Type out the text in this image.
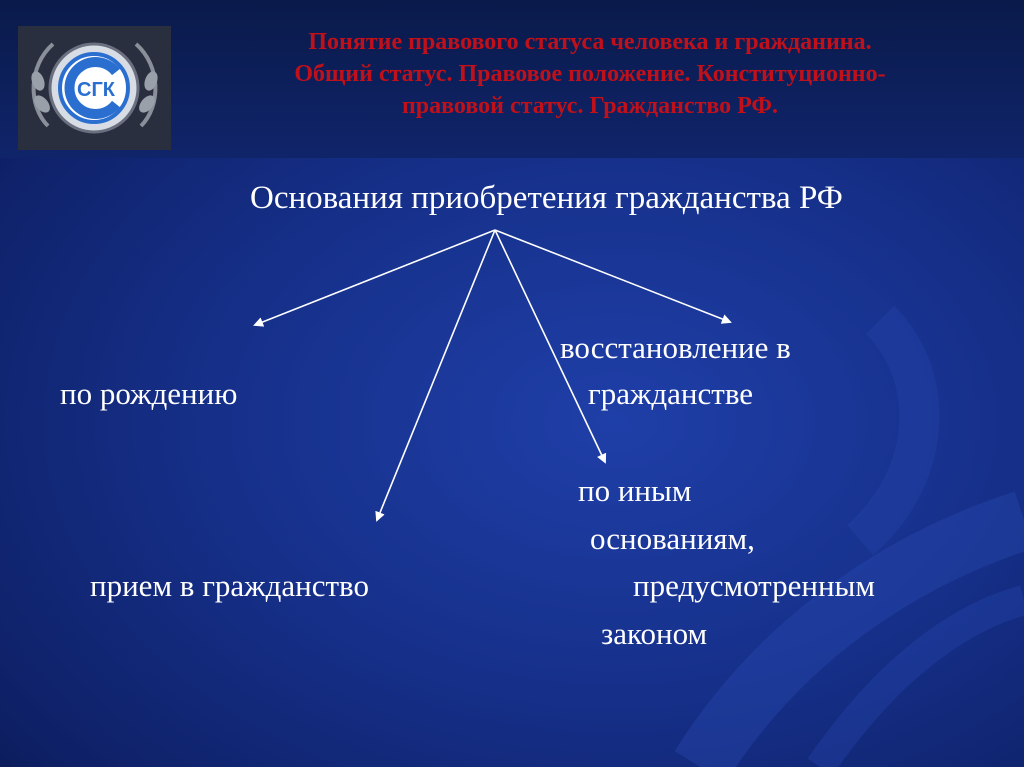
СГК
Понятие правового статуса человека и гражданина.
Общий статус. Правовое положение. Конституционно-
правовой статус. Гражданство РФ.
Основания приобретения гражданства РФ
по рождению
прием в гражданство
восстановление в
гражданстве
по иным
основаниям,
предусмотренным
законом
